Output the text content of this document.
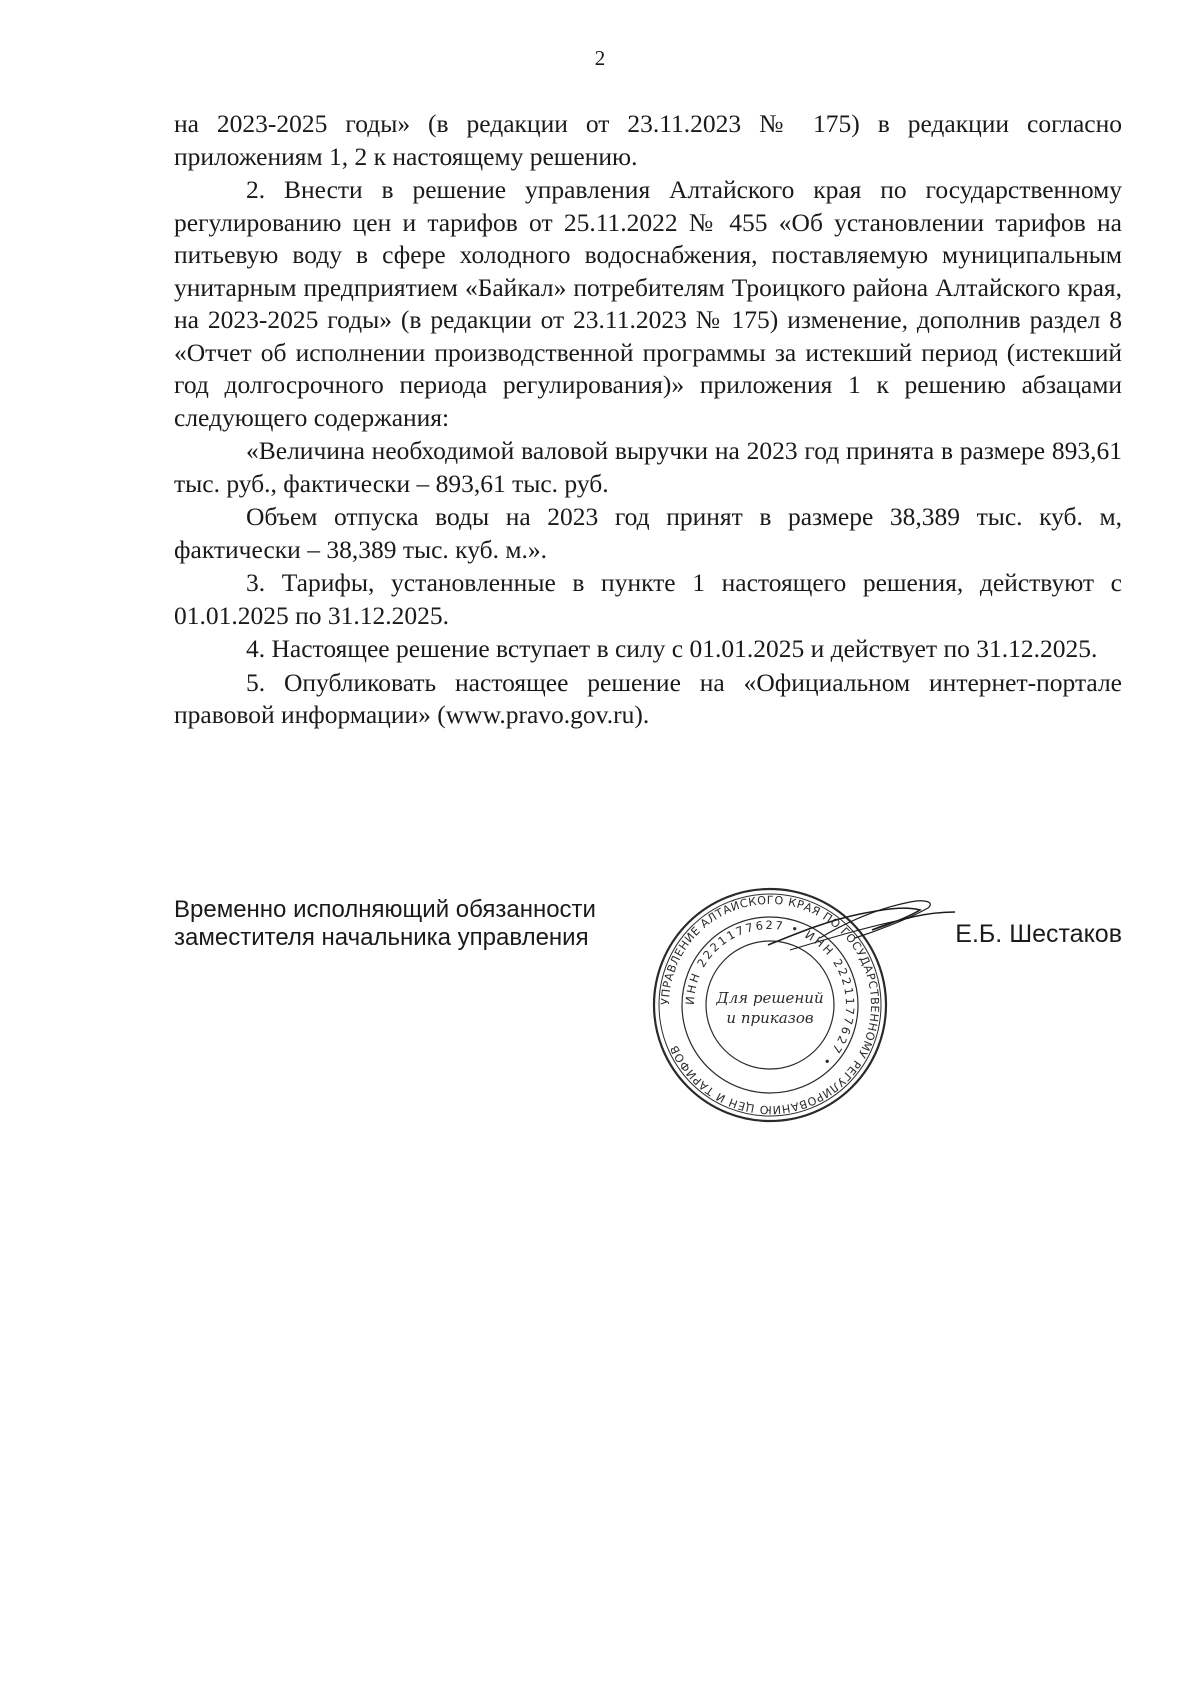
2

на 2023-2025 годы» (в редакции от 23.11.2023 № 175) в редакции согласно приложениям 1, 2 к настоящему решению.

2. Внести в решение управления Алтайского края по государственному регулированию цен и тарифов от 25.11.2022 № 455 «Об установлении тарифов на питьевую воду в сфере холодного водоснабжения, поставляемую муниципальным унитарным предприятием «Байкал» потребителям Троицкого района Алтайского края, на 2023-2025 годы» (в редакции от 23.11.2023 № 175) изменение, дополнив раздел 8 «Отчет об исполнении производственной программы за истекший период (истекший год долгосрочного периода регулирования)» приложения 1 к решению абзацами следующего содержания:

«Величина необходимой валовой выручки на 2023 год принята в размере 893,61 тыс. руб., фактически – 893,61 тыс. руб.

Объем отпуска воды на 2023 год принят в размере 38,389 тыс. куб. м, фактически – 38,389 тыс. куб. м.».

3. Тарифы, установленные в пункте 1 настоящего решения, действуют с 01.01.2025 по 31.12.2025.

4. Настоящее решение вступает в силу с 01.01.2025 и действует по 31.12.2025.

5. Опубликовать настоящее решение на «Официальном интернет-портале правовой информации» (www.pravo.gov.ru).

Временно исполняющий обязанности
заместителя начальника управления
УПРАВЛЕНИЕ АЛТАЙСКОГО КРАЯ ПО ГОСУДАРСТВЕННОМУ РЕГУЛИРОВАНИЮ ЦЕН И ТАРИФОВ
ИНН 2221177627 • ИНН 2221177627 •
Для решений
и приказов
Е.Б. Шестаков
